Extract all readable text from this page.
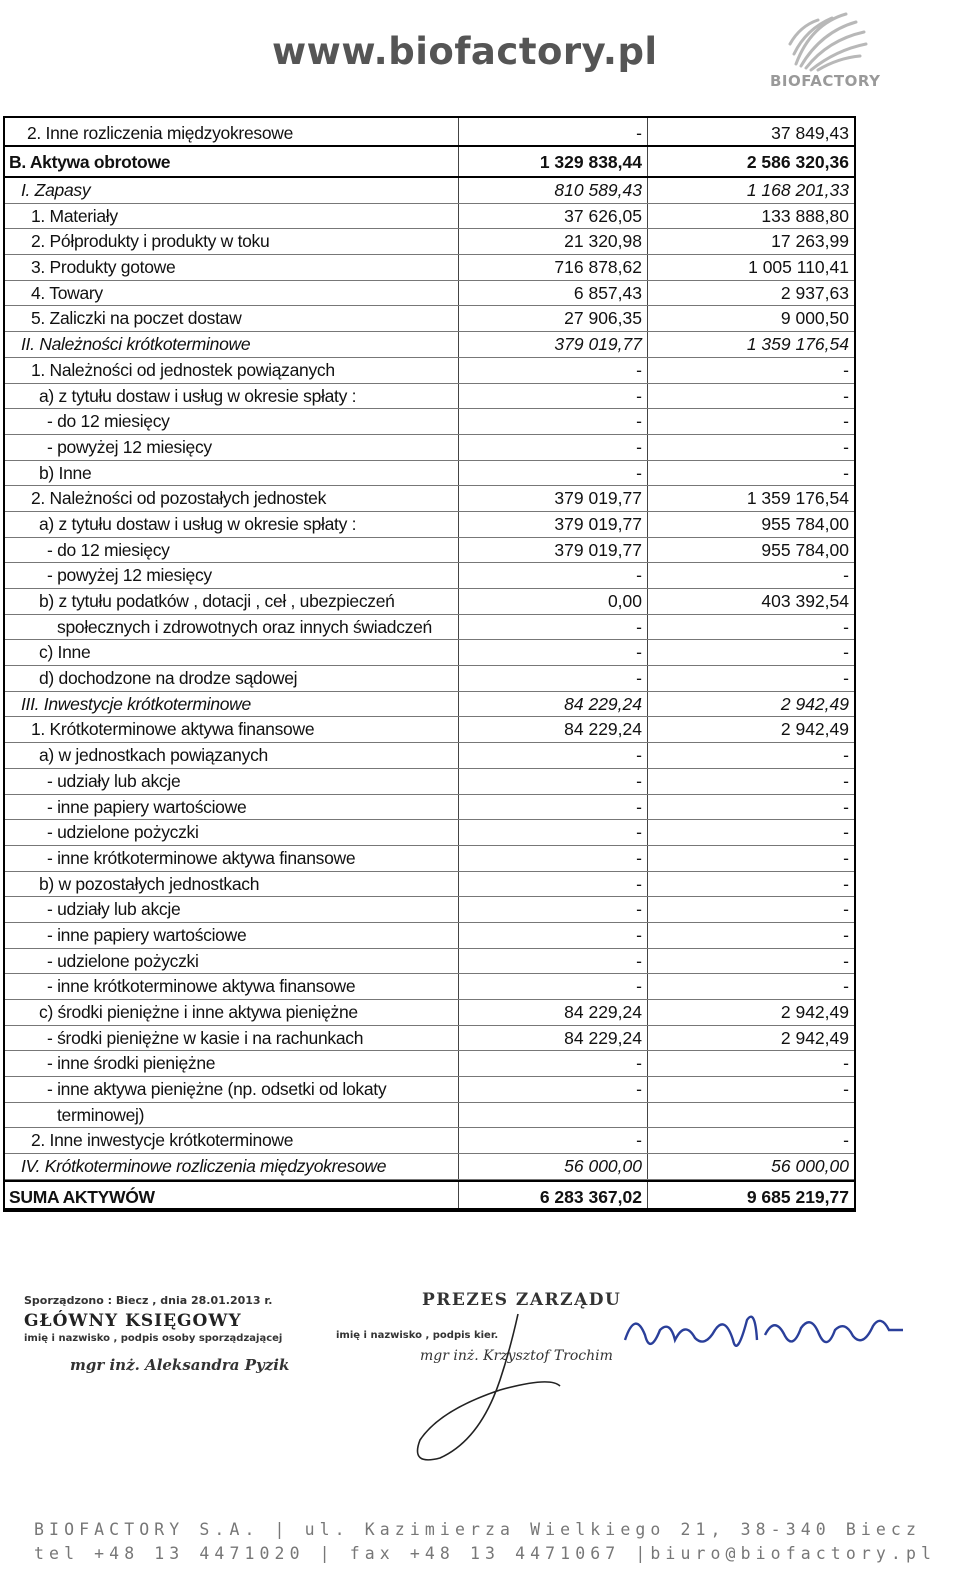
www.biofactory.pl
BIOFACTORY
2. Inne rozliczenia międzyokresowe	-	37 849,43
B. Aktywa obrotowe	1 329 838,44	2 586 320,36
I. Zapasy	810 589,43	1 168 201,33
1. Materiały	37 626,05	133 888,80
2. Półprodukty i produkty w toku	21 320,98	17 263,99
3. Produkty gotowe	716 878,62	1 005 110,41
4. Towary	6 857,43	2 937,63
5. Zaliczki na poczet dostaw	27 906,35	9 000,50
II. Należności krótkoterminowe	379 019,77	1 359 176,54
1. Należności od jednostek powiązanych	-	-
a) z tytułu dostaw i usług w okresie spłaty :	-	-
- do 12 miesięcy	-	-
- powyżej 12 miesięcy	-	-
b) Inne	-	-
2. Należności od pozostałych jednostek	379 019,77	1 359 176,54
a) z tytułu dostaw i usług w okresie spłaty :	379 019,77	955 784,00
- do 12 miesięcy	379 019,77	955 784,00
- powyżej 12 miesięcy	-	-
b) z tytułu podatków , dotacji , ceł , ubezpieczeń	0,00	403 392,54
społecznych i zdrowotnych oraz innych świadczeń	-	-
c) Inne	-	-
d) dochodzone na drodze sądowej	-	-
III. Inwestycje krótkoterminowe	84 229,24	2 942,49
1. Krótkoterminowe aktywa finansowe	84 229,24	2 942,49
a) w jednostkach powiązanych	-	-
- udziały lub akcje	-	-
- inne papiery wartościowe	-	-
- udzielone pożyczki	-	-
- inne krótkoterminowe aktywa finansowe	-	-
b) w pozostałych jednostkach	-	-
- udziały lub akcje	-	-
- inne papiery wartościowe	-	-
- udzielone pożyczki	-	-
- inne krótkoterminowe aktywa finansowe	-	-
c) środki pieniężne i inne aktywa pieniężne	84 229,24	2 942,49
- środki pieniężne w kasie i na rachunkach	84 229,24	2 942,49
- inne środki pieniężne	-	-
- inne aktywa pieniężne (np. odsetki od lokaty	-	-
terminowej)
2. Inne inwestycje krótkoterminowe	-	-
IV. Krótkoterminowe rozliczenia międzyokresowe	56 000,00	56 000,00
SUMA AKTYWÓW	6 283 367,02	9 685 219,77
Sporządzono : Biecz , dnia 28.01.2013 r.
GŁÓWNY KSIĘGOWY
imię i nazwisko , podpis osoby sporządzającej
mgr inż. Aleksandra Pyzik
PREZES ZARZĄDU
imię i nazwisko , podpis kier.
mgr inż. Krzysztof Trochim
BIOFACTORY S.A. | ul. Kazimierza Wielkiego 21, 38-340 Biecz
tel +48 13 4471020 | fax +48 13 4471067 |biuro@biofactory.pl
